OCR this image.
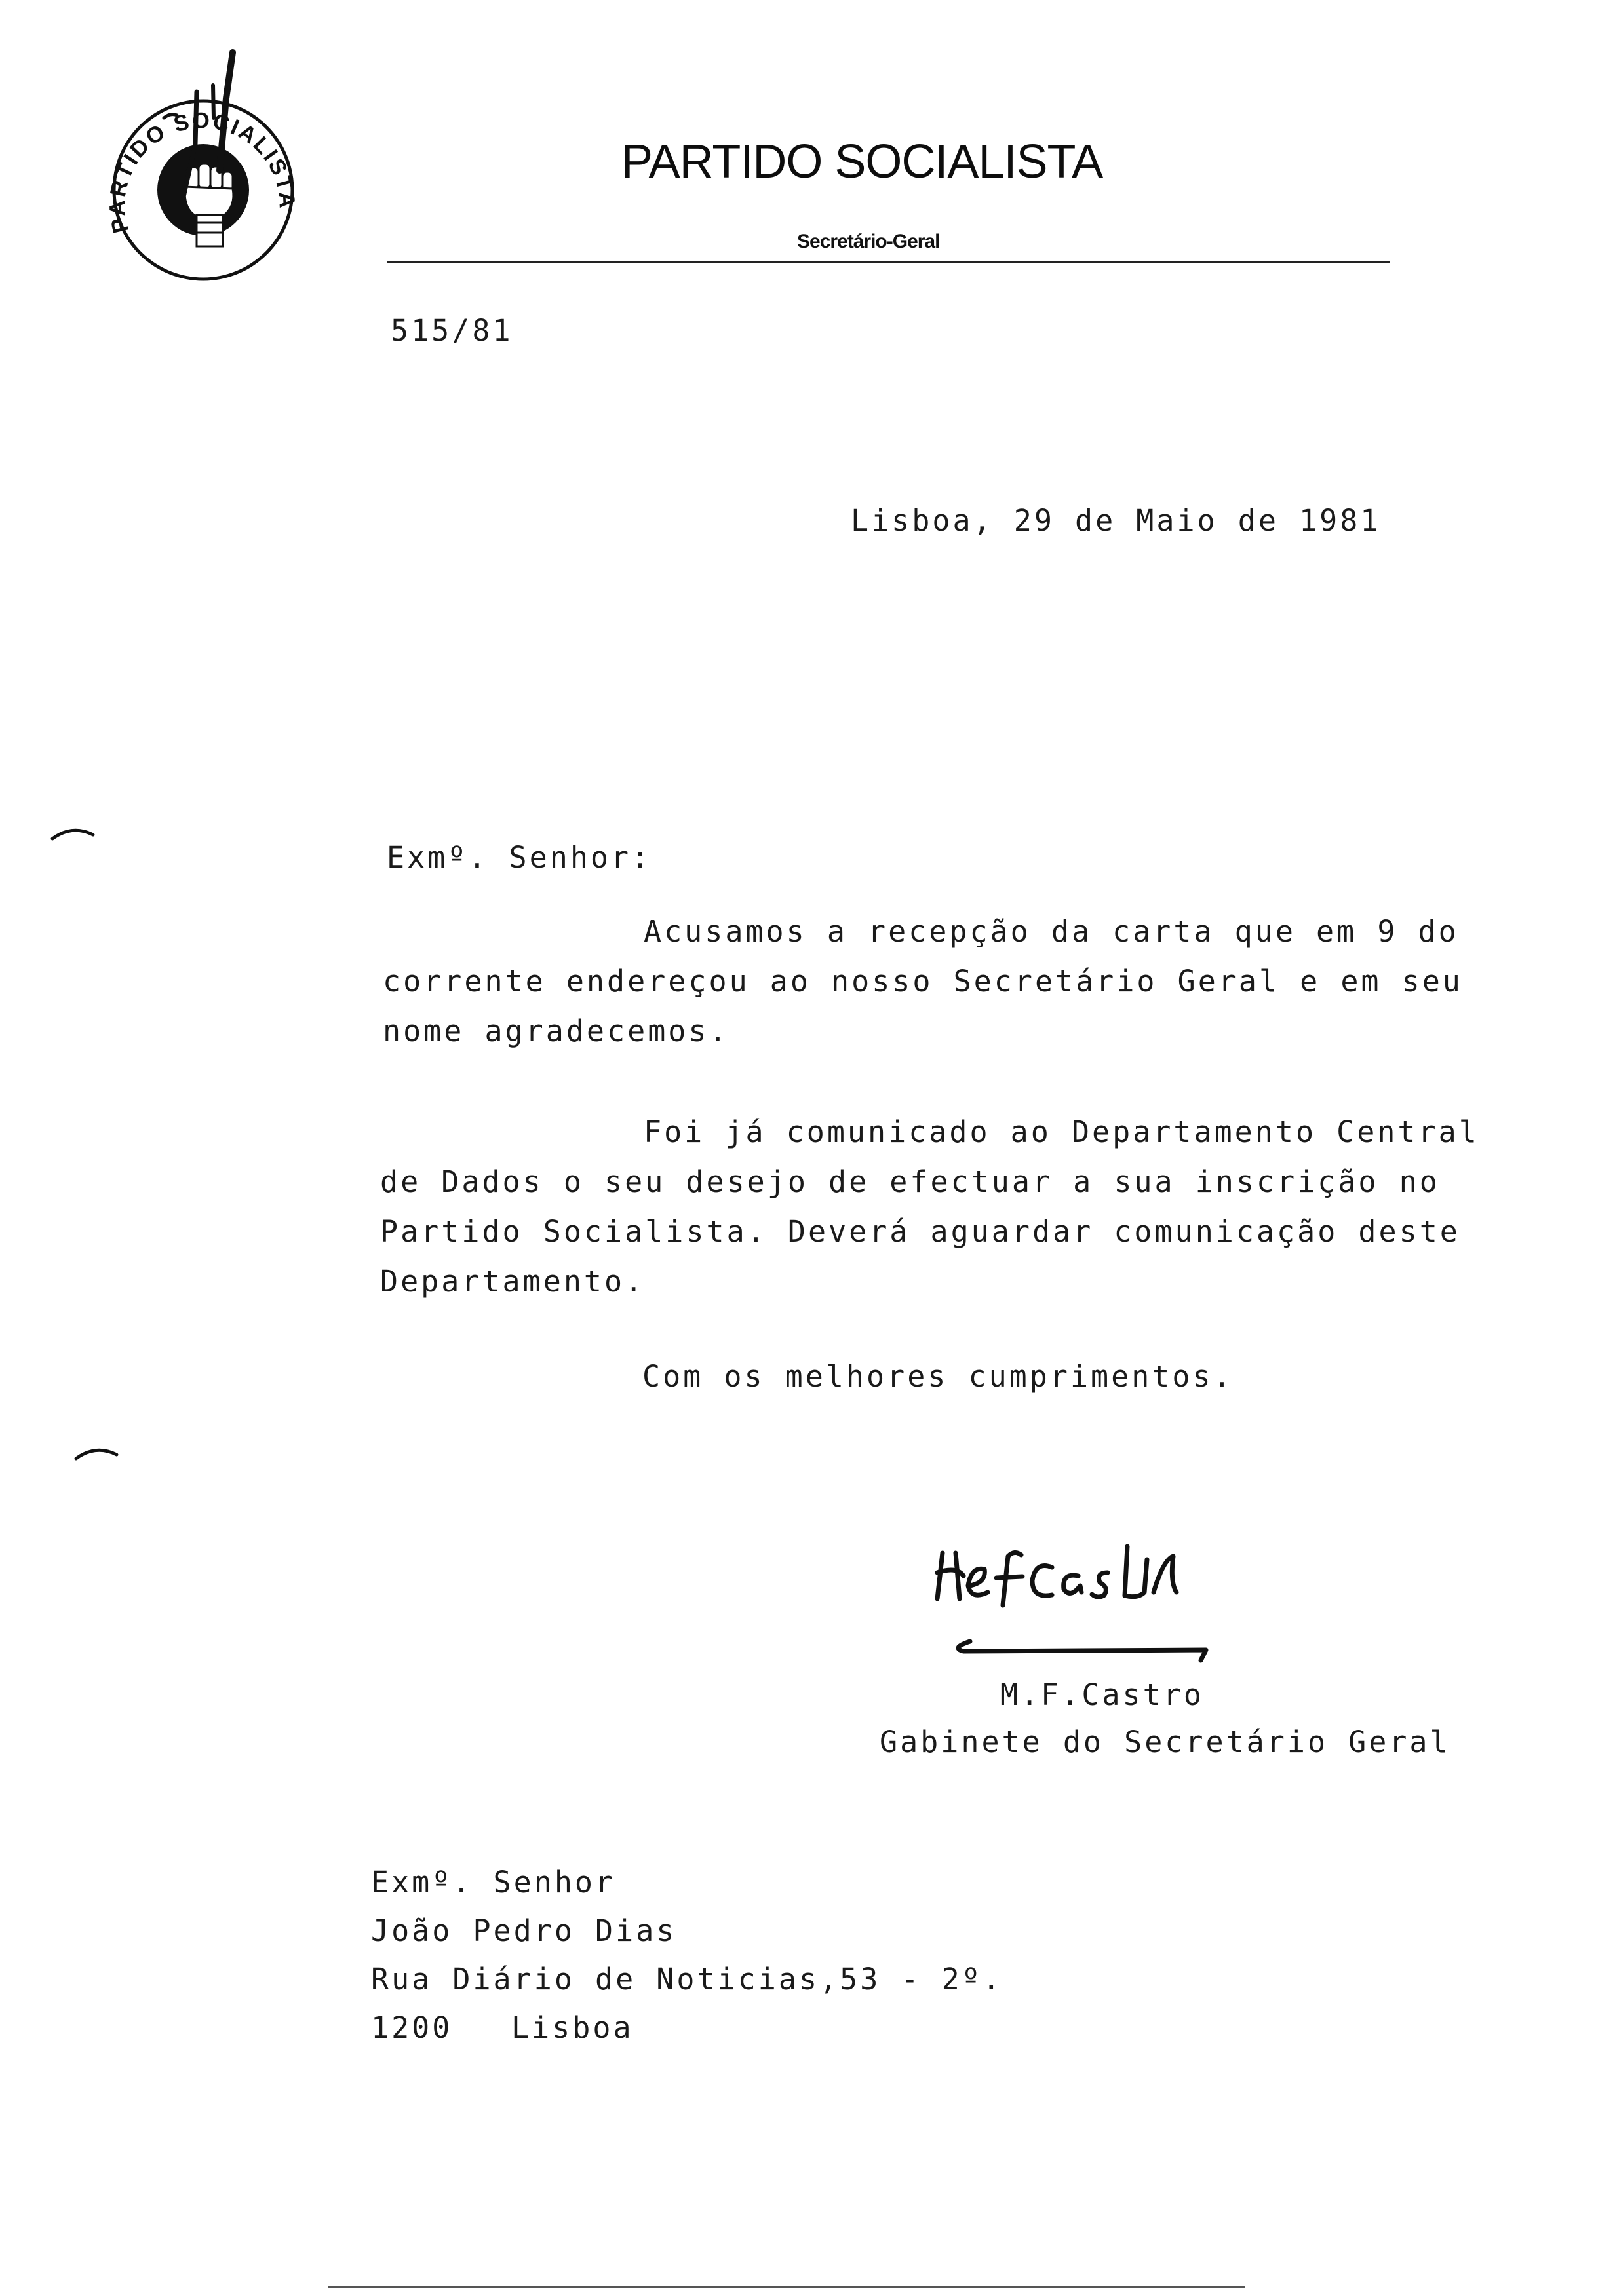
PARTIDO SOCIALISTA
PARTIDO SOCIALISTA
Secretário-Geral
515/81
Lisboa, 29 de Maio de 1981
Exmº. Senhor:
Acusamos a recepção da carta que em 9 do
corrente endereçou ao nosso Secretário Geral e em seu
nome agradecemos.
Foi já comunicado ao Departamento Central
de Dados o seu desejo de efectuar a sua inscrição no
Partido Socialista. Deverá aguardar comunicação deste
Departamento.
Com os melhores cumprimentos.
M.F.Castro
Gabinete do Secretário Geral
Exmº. Senhor
João Pedro Dias
Rua Diário de Noticias,53 - 2º.
1200 Lisboa
